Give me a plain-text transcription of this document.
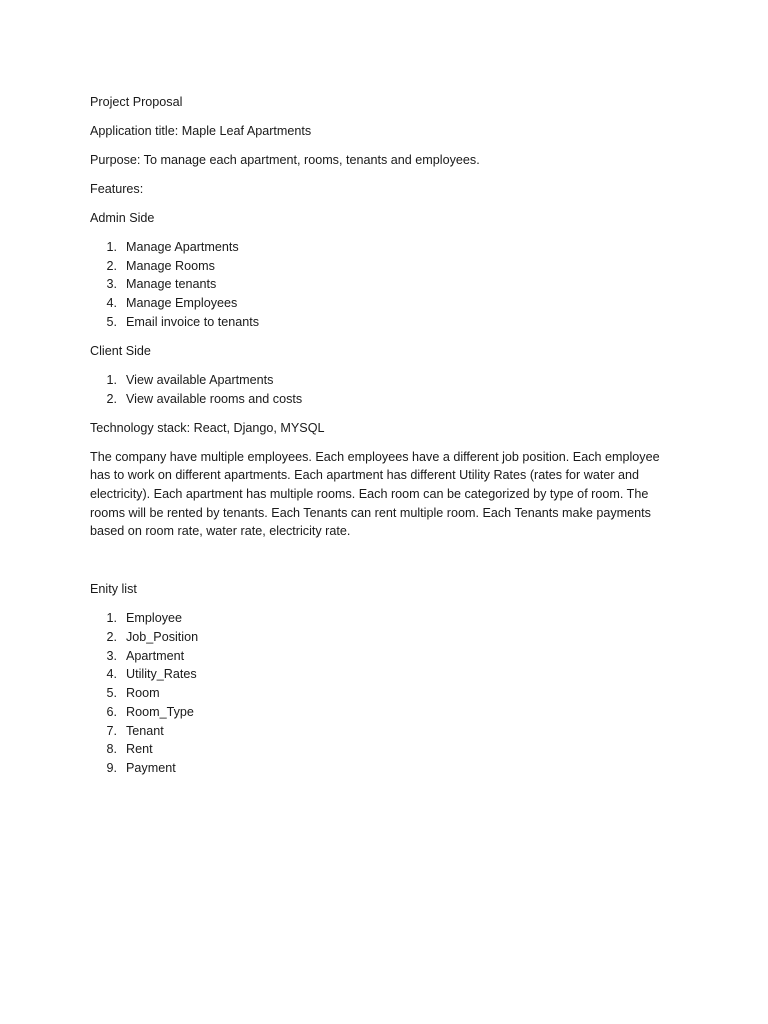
Project Proposal

Application title: Maple Leaf Apartments

Purpose: To manage each apartment, rooms, tenants and employees.

Features:

Admin Side

1. Manage Apartments
2. Manage Rooms
3. Manage tenants
4. Manage Employees
5. Email invoice to tenants

Client Side

1. View available Apartments
2. View available rooms and costs

Technology stack: React, Django, MYSQL

The company have multiple employees. Each employees have a different job position. Each employee has to work on different apartments. Each apartment has different Utility Rates (rates for water and electricity). Each apartment has multiple rooms. Each room can be categorized by type of room. The rooms will be rented by tenants. Each Tenants can rent multiple room. Each Tenants make payments based on room rate, water rate, electricity rate.

Enity list

1. Employee
2. Job_Position
3. Apartment
4. Utility_Rates
5. Room
6. Room_Type
7. Tenant
8. Rent
9. Payment
